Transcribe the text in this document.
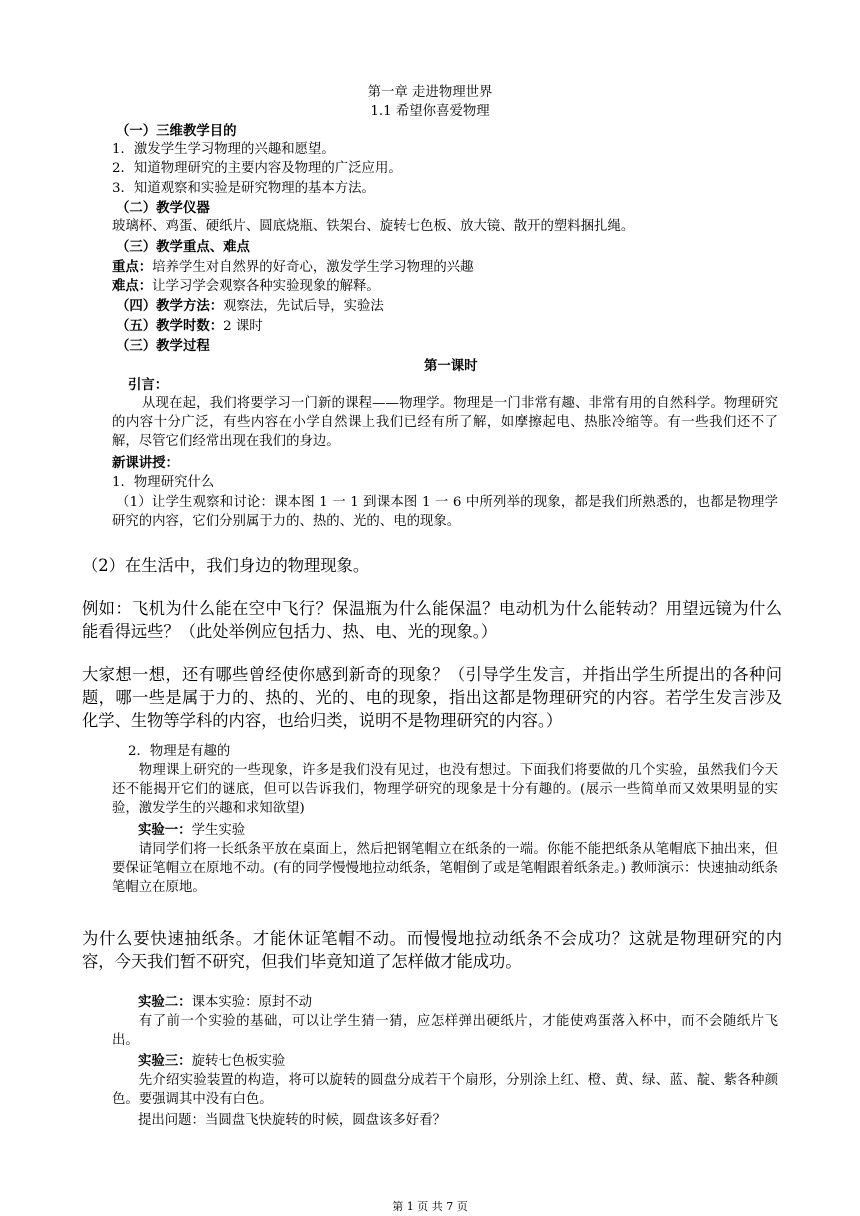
第一章 走进物理世界
1.1 希望你喜爱物理
（一）三维教学目的
1．激发学生学习物理的兴趣和愿望。
2．知道物理研究的主要内容及物理的广泛应用。
3．知道观察和实验是研究物理的基本方法。
（二）教学仪器
玻璃杯、鸡蛋、硬纸片、圆底烧瓶、铁架台、旋转七色板、放大镜、散开的塑料捆扎绳。
（三）教学重点、难点
重点：培养学生对自然界的好奇心，激发学生学习物理的兴趣
难点：让学习学会观察各种实验现象的解释。
（四）教学方法：观察法，先试后导，实验法
（五）教学时数：2 课时
（三）教学过程
第一课时
引言：
从现在起，我们将要学习一门新的课程——物理学。物理是一门非常有趣、非常有用的自然科学。物理研究的内容十分广泛，有些内容在小学自然课上我们已经有所了解，如摩擦起电、热胀冷缩等。有一些我们还不了解，尽管它们经常出现在我们的身边。
新课讲授：
1．物理研究什么
（1）让学生观察和讨论：课本图 1 一 1 到课本图 1 一 6 中所列举的现象，都是我们所熟悉的，也都是物理学研究的内容，它们分别属于力的、热的、光的、电的现象。
（2）在生活中，我们身边的物理现象。
例如：飞机为什么能在空中飞行？保温瓶为什么能保温？电动机为什么能转动？用望远镜为什么能看得远些？（此处举例应包括力、热、电、光的现象。）
大家想一想，还有哪些曾经使你感到新奇的现象？（引导学生发言，并指出学生所提出的各种问题，哪一些是属于力的、热的、光的、电的现象，指出这都是物理研究的内容。若学生发言涉及化学、生物等学科的内容，也给归类，说明不是物理研究的内容。）
2．物理是有趣的
物理课上研究的一些现象，许多是我们没有见过，也没有想过。下面我们将要做的几个实验，虽然我们今天还不能揭开它们的谜底，但可以告诉我们，物理学研究的现象是十分有趣的。(展示一些简单而又效果明显的实验，激发学生的兴趣和求知欲望)
实验一：学生实验
请同学们将一长纸条平放在桌面上，然后把钢笔帽立在纸条的一端。你能不能把纸条从笔帽底下抽出来，但要保证笔帽立在原地不动。(有的同学慢慢地拉动纸条，笔帽倒了或是笔帽跟着纸条走。) 教师演示：快速抽动纸条笔帽立在原地。
为什么要快速抽纸条。才能休证笔帽不动。而慢慢地拉动纸条不会成功？这就是物理研究的内容，今天我们暂不研究，但我们毕竟知道了怎样做才能成功。
实验二：课本实验：原封不动
有了前一个实验的基础，可以让学生猜一猜，应怎样弹出硬纸片，才能使鸡蛋落入杯中，而不会随纸片飞出。
实验三：旋转七色板实验
先介绍实验装置的构造，将可以旋转的圆盘分成若干个扇形，分别涂上红、橙、黄、绿、蓝、靛、紫各种颜色。要强调其中没有白色。
提出问题：当圆盘飞快旋转的时候，圆盘该多好看？
第 1 页 共 7 页
